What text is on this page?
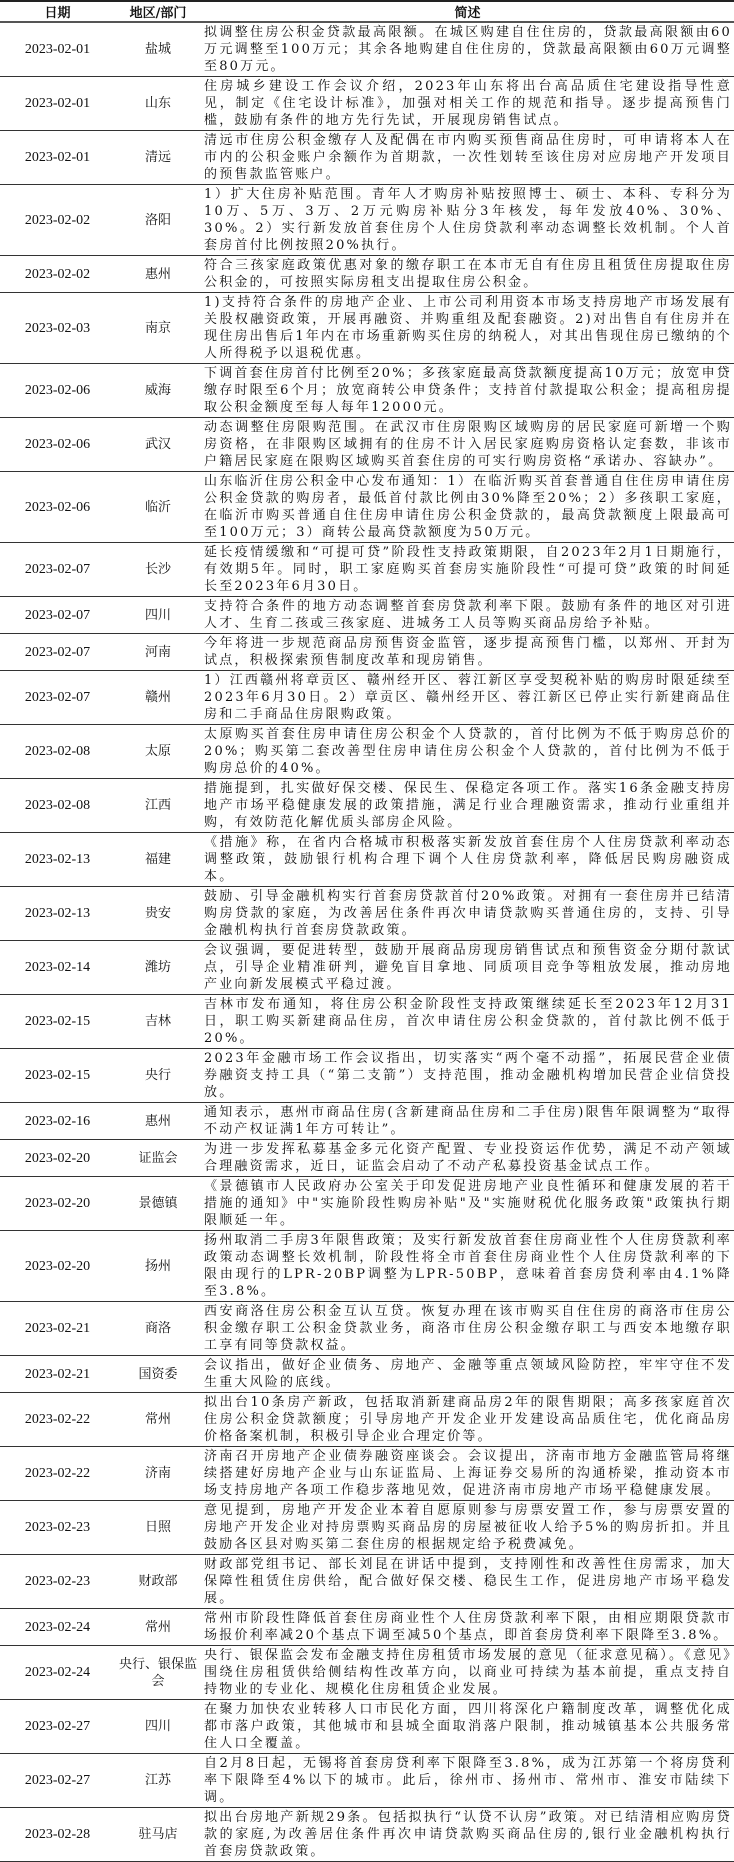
日期	地区/部门	简述
2023-02-01	盐城	拟调整住房公积金贷款最高限额。在城区购建自住住房的，贷款最高限额由60万元调整至100万元；其余各地购建自住住房的，贷款最高限额由60万元调整至80万元。
2023-02-01	山东	住房城乡建设工作会议介绍，2023年山东将出台高品质住宅建设指导性意见，制定《住宅设计标准》，加强对相关工作的规范和指导。逐步提高预售门槛，鼓励有条件的地方先行先试，开展现房销售试点。
2023-02-01	清远	清远市住房公积金缴存人及配偶在市内购买预售商品住房时，可申请将本人在市内的公积金账户余额作为首期款，一次性划转至该住房对应房地产开发项目的预售款监管账户。
2023-02-02	洛阳	1）扩大住房补贴范围。青年人才购房补贴按照博士、硕士、本科、专科分为10万、5万、3万、2万元购房补贴分3年核发，每年发放40%、30%、30%。2）实行新发放首套住房个人住房贷款利率动态调整长效机制。个人首套房首付比例按照20%执行。
2023-02-02	惠州	符合三孩家庭政策优惠对象的缴存职工在本市无自有住房且租赁住房提取住房公积金的，可按照实际房租支出提取住房公积金。
2023-02-03	南京	1)支持符合条件的房地产企业、上市公司利用资本市场支持房地产市场发展有关股权融资政策，开展再融资、并购重组及配套融资。2)对出售自有住房并在现住房出售后1年内在市场重新购买住房的纳税人，对其出售现住房已缴纳的个人所得税予以退税优惠。
2023-02-06	威海	下调首套住房首付比例至20%；多孩家庭最高贷款额度提高10万元；放宽申贷缴存时限至6个月；放宽商转公申贷条件；支持首付款提取公积金；提高租房提取公积金额度至每人每年12000元。
2023-02-06	武汉	动态调整住房限购范围。在武汉市住房限购区域购房的居民家庭可新增一个购房资格，在非限购区域拥有的住房不计入居民家庭购房资格认定套数，非该市户籍居民家庭在限购区域购买首套住房的可实行购房资格“承诺办、容缺办”。
2023-02-06	临沂	山东临沂住房公积金中心发布通知：1）在临沂购买首套普通自住住房申请住房公积金贷款的购房者，最低首付款比例由30%降至20%；2）多孩职工家庭，在临沂市购买普通自住住房申请住房公积金贷款的，最高贷款额度上限最高可至100万元；3）商转公最高贷款额度为50万元。
2023-02-07	长沙	延长疫情缓缴和“可提可贷”阶段性支持政策期限，自2023年2月1日期施行，有效期5年。同时，职工家庭购买首套房实施阶段性“可提可贷”政策的时间延长至2023年6月30日。
2023-02-07	四川	支持符合条件的地方动态调整首套房贷款利率下限。鼓励有条件的地区对引进人才、生育二孩或三孩家庭、进城务工人员等购买商品房给予补贴。
2023-02-07	河南	今年将进一步规范商品房预售资金监管，逐步提高预售门槛，以郑州、开封为试点，积极探索预售制度改革和现房销售。
2023-02-07	赣州	1）江西赣州将章贡区、赣州经开区、蓉江新区享受契税补贴的购房时限延续至2023年6月30日。2）章贡区、赣州经开区、蓉江新区已停止实行新建商品住房和二手商品住房限购政策。
2023-02-08	太原	太原购买首套住房申请住房公积金个人贷款的，首付比例为不低于购房总价的20%；购买第二套改善型住房申请住房公积金个人贷款的，首付比例为不低于购房总价的40%。
2023-02-08	江西	措施提到，扎实做好保交楼、保民生、保稳定各项工作。落实16条金融支持房地产市场平稳健康发展的政策措施，满足行业合理融资需求，推动行业重组并购，有效防范化解优质头部房企风险。
2023-02-13	福建	《措施》称，在省内合格城市积极落实新发放首套住房个人住房贷款利率动态调整政策，鼓励银行机构合理下调个人住房贷款利率，降低居民购房融资成本。
2023-02-13	贵安	鼓励、引导金融机构实行首套房贷款首付20%政策。对拥有一套住房并已结清购房贷款的家庭，为改善居住条件再次申请贷款购买普通住房的，支持、引导金融机构执行首套房贷款政策。
2023-02-14	潍坊	会议强调，要促进转型，鼓励开展商品房现房销售试点和预售资金分期付款试点，引导企业精准研判，避免盲目拿地、同质项目竞争等粗放发展，推动房地产业向新发展模式平稳过渡。
2023-02-15	吉林	吉林市发布通知，将住房公积金阶段性支持政策继续延长至2023年12月31日，职工购买新建商品住房，首次申请住房公积金贷款的，首付款比例不低于20%。
2023-02-15	央行	2023年金融市场工作会议指出，切实落实“两个毫不动摇”，拓展民营企业债券融资支持工具（“第二支箭”）支持范围，推动金融机构增加民营企业信贷投放。
2023-02-16	惠州	通知表示，惠州市商品住房(含新建商品住房和二手住房)限售年限调整为“取得不动产权证满1年方可转让”。
2023-02-20	证监会	为进一步发挥私募基金多元化资产配置、专业投资运作优势，满足不动产领域合理融资需求，近日，证监会启动了不动产私募投资基金试点工作。
2023-02-20	景德镇	《景德镇市人民政府办公室关于印发促进房地产业良性循环和健康发展的若干措施的通知》中"实施阶段性购房补贴"及"实施财税优化服务政策"政策执行期限顺延一年。
2023-02-20	扬州	扬州取消二手房3年限售政策；及实行新发放首套住房商业性个人住房贷款利率政策动态调整长效机制，阶段性将全市首套住房商业性个人住房贷款利率的下限由现行的LPR-20BP调整为LPR-50BP，意味着首套房贷利率由4.1%降至3.8%。
2023-02-21	商洛	西安商洛住房公积金互认互贷。恢复办理在该市购买自住住房的商洛市住房公积金缴存职工公积金贷款业务，商洛市住房公积金缴存职工与西安本地缴存职工享有同等贷款权益。
2023-02-21	国资委	会议指出，做好企业债务、房地产、金融等重点领域风险防控，牢牢守住不发生重大风险的底线。
2023-02-22	常州	拟出台10条房产新政，包括取消新建商品房2年的限售期限；高多孩家庭首次住房公积金贷款额度；引导房地产开发企业开发建设高品质住宅，优化商品房价格备案机制，积极引导企业合理定价等。
2023-02-22	济南	济南召开房地产企业债券融资座谈会。会议提出，济南市地方金融监管局将继续搭建好房地产企业与山东证监局、上海证券交易所的沟通桥梁，推动资本市场支持房地产各项工作稳步落地见效，促进济南市房地产市场平稳健康发展。
2023-02-23	日照	意见提到，房地产开发企业本着自愿原则参与房票安置工作，参与房票安置的房地产开发企业对持房票购买商品房的房屋被征收人给予5%的购房折扣。并且鼓励各区县对购买第二套住房的根据规定给予税费减免。
2023-02-23	财政部	财政部党组书记、部长刘昆在讲话中提到，支持刚性和改善性住房需求，加大保障性租赁住房供给，配合做好保交楼、稳民生工作，促进房地产市场平稳发展。
2023-02-24	常州	常州市阶段性降低首套住房商业性个人住房贷款利率下限，由相应期限贷款市场报价利率减20个基点下调至减50个基点，即首套房贷利率下限降至3.8%。
2023-02-24	央行、银保监会	央行、银保监会发布金融支持住房租赁市场发展的意见（征求意见稿）。《意见》围绕住房租赁供给侧结构性改革方向，以商业可持续为基本前提，重点支持自持物业的专业化、规模化住房租赁企业发展。
2023-02-27	四川	在聚力加快农业转移人口市民化方面，四川将深化户籍制度改革，调整优化成都市落户政策，其他城市和县城全面取消落户限制，推动城镇基本公共服务常住人口全覆盖。
2023-02-27	江苏	自2月8日起，无锡将首套房贷利率下限降至3.8%，成为江苏第一个将房贷利率下限降至4%以下的城市。此后，徐州市、扬州市、常州市、淮安市陆续下调。
2023-02-28	驻马店	拟出台房地产新规29条。包括拟执行“认贷不认房”政策。对已结清相应购房贷款的家庭,为改善居住条件再次申请贷款购买商品住房的,银行业金融机构执行首套房贷款政策。
